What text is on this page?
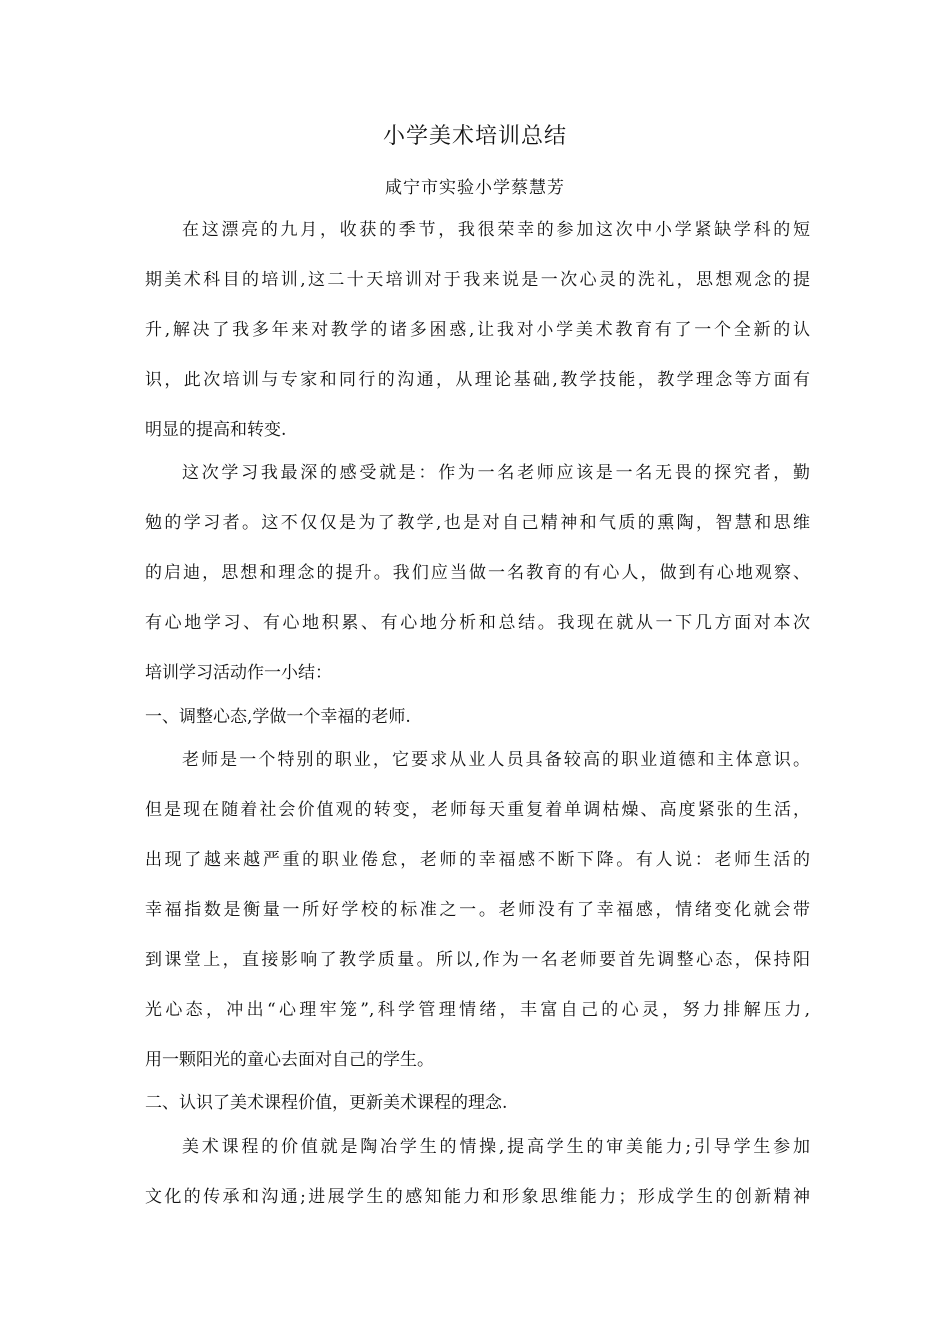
小学美术培训总结
咸宁市实验小学蔡慧芳
在这漂亮的九月，收获的季节，我很荣幸的参加这次中小学紧缺学科的短
期美术科目的培训,这二十天培训对于我来说是一次心灵的洗礼，思想观念的提
升,解决了我多年来对教学的诸多困惑,让我对小学美术教育有了一个全新的认
识，此次培训与专家和同行的沟通，从理论基础,教学技能，教学理念等方面有
明显的提高和转变.
这次学习我最深的感受就是：作为一名老师应该是一名无畏的探究者，勤
勉的学习者。这不仅仅是为了教学,也是对自己精神和气质的熏陶，智慧和思维
的启迪，思想和理念的提升。我们应当做一名教育的有心人，做到有心地观察、
有心地学习、有心地积累、有心地分析和总结。我现在就从一下几方面对本次
培训学习活动作一小结：
一、调整心态,学做一个幸福的老师.
老师是一个特别的职业，它要求从业人员具备较高的职业道德和主体意识。
但是现在随着社会价值观的转变，老师每天重复着单调枯燥、高度紧张的生活，
出现了越来越严重的职业倦怠，老师的幸福感不断下降。有人说：老师生活的
幸福指数是衡量一所好学校的标准之一。老师没有了幸福感，情绪变化就会带
到课堂上，直接影响了教学质量。所以,作为一名老师要首先调整心态，保持阳
光心态，冲出“心理牢笼”,科学管理情绪，丰富自己的心灵，努力排解压力,
用一颗阳光的童心去面对自己的学生。
二、认识了美术课程价值，更新美术课程的理念.
美术课程的价值就是陶冶学生的情操,提高学生的审美能力;引导学生参加
文化的传承和沟通;进展学生的感知能力和形象思维能力；形成学生的创新精神
